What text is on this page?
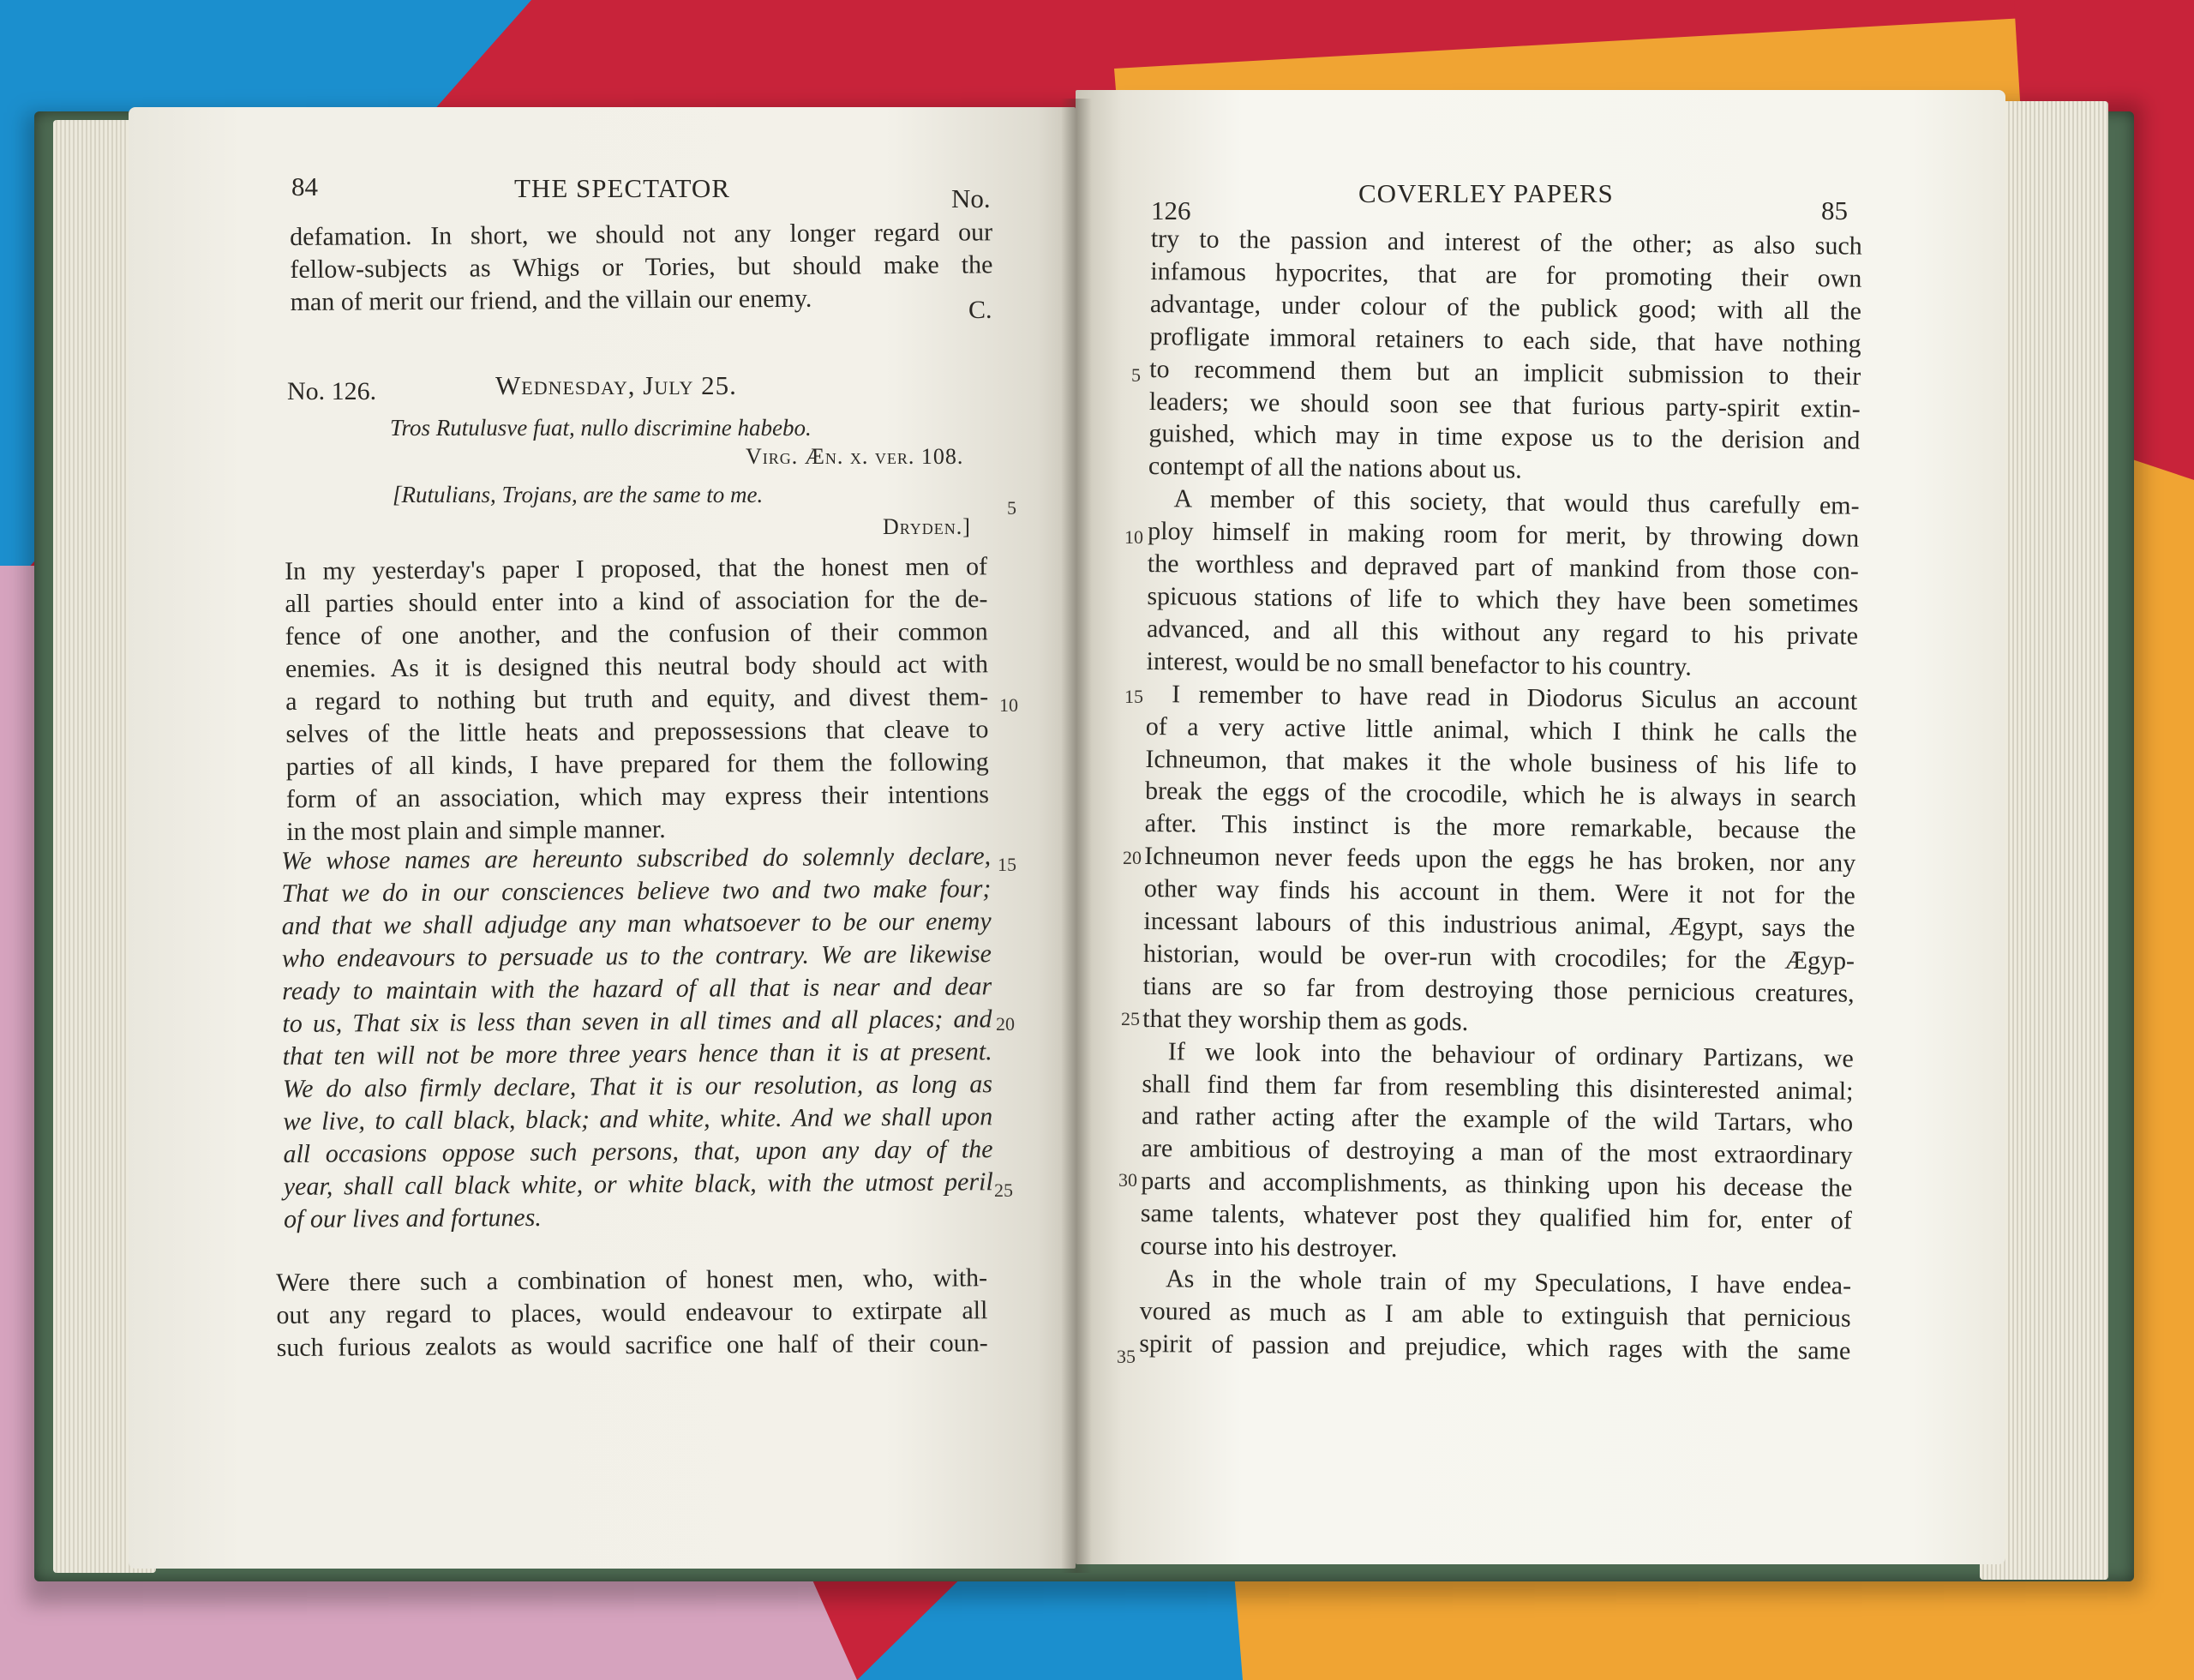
84	THE SPECTATOR	No.
defamation. In short, we should not any longer regard our
fellow-subjects as Whigs or Tories, but should make the
man of merit our friend, and the villain our enemy.	C.
No. 126.	Wednesday, July 25.
Tros Rutulusve fuat, nullo discrimine habebo.
Virg. Æn. x. ver. 108.
[Rutulians, Trojans, are the same to me.
Dryden.]
In my yesterday's paper I proposed, that the honest men of
all parties should enter into a kind of association for the de-
fence of one another, and the confusion of their common
enemies. As it is designed this neutral body should act with
a regard to nothing but truth and equity, and divest them-
selves of the little heats and prepossessions that cleave to
parties of all kinds, I have prepared for them the following
form of an association, which may express their intentions
in the most plain and simple manner.
We whose names are hereunto subscribed do solemnly declare,
That we do in our consciences believe two and two make four;
and that we shall adjudge any man whatsoever to be our enemy
who endeavours to persuade us to the contrary. We are likewise
ready to maintain with the hazard of all that is near and dear
to us, That six is less than seven in all times and all places; and
that ten will not be more three years hence than it is at present.
We do also firmly declare, That it is our resolution, as long as
we live, to call black, black; and white, white. And we shall upon
all occasions oppose such persons, that, upon any day of the
year, shall call black white, or white black, with the utmost peril
of our lives and fortunes.
Were there such a combination of honest men, who, with-
out any regard to places, would endeavour to extirpate all
such furious zealots as would sacrifice one half of their coun-
5
10
15
20
25
126
COVERLEY PAPERS
85
try to the passion and interest of the other; as also such
infamous hypocrites, that are for promoting their own
advantage, under colour of the publick good; with all the
profligate immoral retainers to each side, that have nothing
to recommend them but an implicit submission to their
leaders; we should soon see that furious party-spirit extin-
guished, which may in time expose us to the derision and
contempt of all the nations about us.
A member of this society, that would thus carefully em-
ploy himself in making room for merit, by throwing down
the worthless and depraved part of mankind from those con-
spicuous stations of life to which they have been sometimes
advanced, and all this without any regard to his private
interest, would be no small benefactor to his country.
I remember to have read in Diodorus Siculus an account
of a very active little animal, which I think he calls the
Ichneumon, that makes it the whole business of his life to
break the eggs of the crocodile, which he is always in search
after. This instinct is the more remarkable, because the
Ichneumon never feeds upon the eggs he has broken, nor any
other way finds his account in them. Were it not for the
incessant labours of this industrious animal, Ægypt, says the
historian, would be over-run with crocodiles; for the Ægyp-
tians are so far from destroying those pernicious creatures,
that they worship them as gods.
If we look into the behaviour of ordinary Partizans, we
shall find them far from resembling this disinterested animal;
and rather acting after the example of the wild Tartars, who
are ambitious of destroying a man of the most extraordinary
parts and accomplishments, as thinking upon his decease the
same talents, whatever post they qualified him for, enter of
course into his destroyer.
As in the whole train of my Speculations, I have endea-
voured as much as I am able to extinguish that pernicious
spirit of passion and prejudice, which rages with the same
5
10
15
20
25
30
35
